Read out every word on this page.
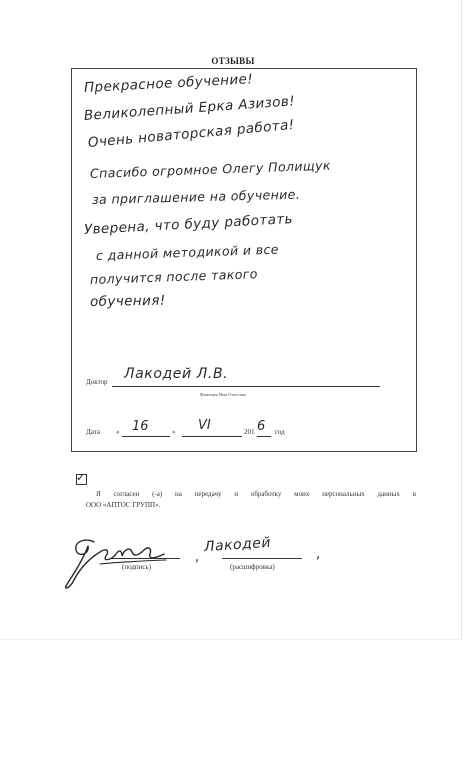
ОТЗЫВЫ
Прекрасное обучение!
Великолепный Ерка Азизов!
Очень новаторская работа!
Спасибо огромное Олегу Полищук
за приглашение на обучение.
Уверена, что буду работать
с данной методикой и все
получится после такого
обучения!
Доктор Лакодей Л.В.
Фамилия Имя Отчество
Дата « 16	» VI	201 6 год
✓
Я согласен (-а) на передачу и обработку моих персональных данных в
ООО «АПТОС ГРУПП».
(подпись)
,
Лакодей	,
(расшифровка)
